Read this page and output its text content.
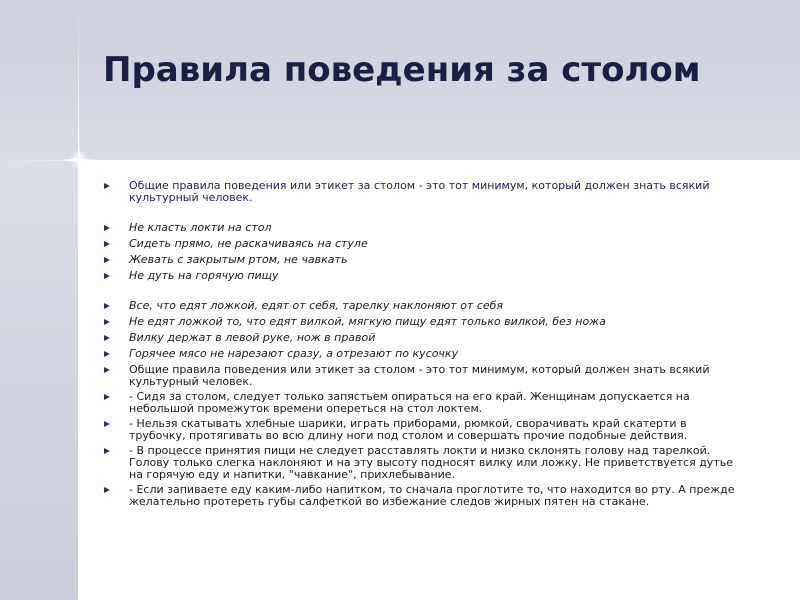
Правила поведения за столом
Общие правила поведения или этикет за столом - это тот минимум, который должен знать всякий культурный человек.
Не класть локти на стол
Сидеть прямо, не раскачиваясь на стуле
Жевать с закрытым ртом, не чавкать
Не дуть на горячую пищу
Все, что едят ложкой, едят от себя, тарелку наклоняют от себя
Не едят ложкой то, что едят вилкой, мягкую пищу едят только вилкой, без ножа
Вилку держат в левой руке, нож в правой
Горячее мясо не нарезают сразу, а отрезают по кусочку
Общие правила поведения или этикет за столом - это тот минимум, который должен знать всякий культурный человек.
- Сидя за столом, следует только запястьем опираться на его край. Женщинам допускается на небольшой промежуток времени опереться на стол локтем.
- Нельзя скатывать хлебные шарики, играть приборами, рюмкой, сворачивать край скатерти в трубочку, протягивать во всю длину ноги под столом и совершать прочие подобные действия.
- В процессе принятия пищи не следует расставлять локти и низко склонять голову над тарелкой. Голову только слегка наклоняют и на эту высоту подносят вилку или ложку. Не приветствуется дутье на горячую еду и напитки, "чавкание", прихлебывание.
- Если запиваете еду каким-либо напитком, то сначала проглотите то, что находится во рту. А прежде желательно протереть губы салфеткой во избежание следов жирных пятен на стакане.
